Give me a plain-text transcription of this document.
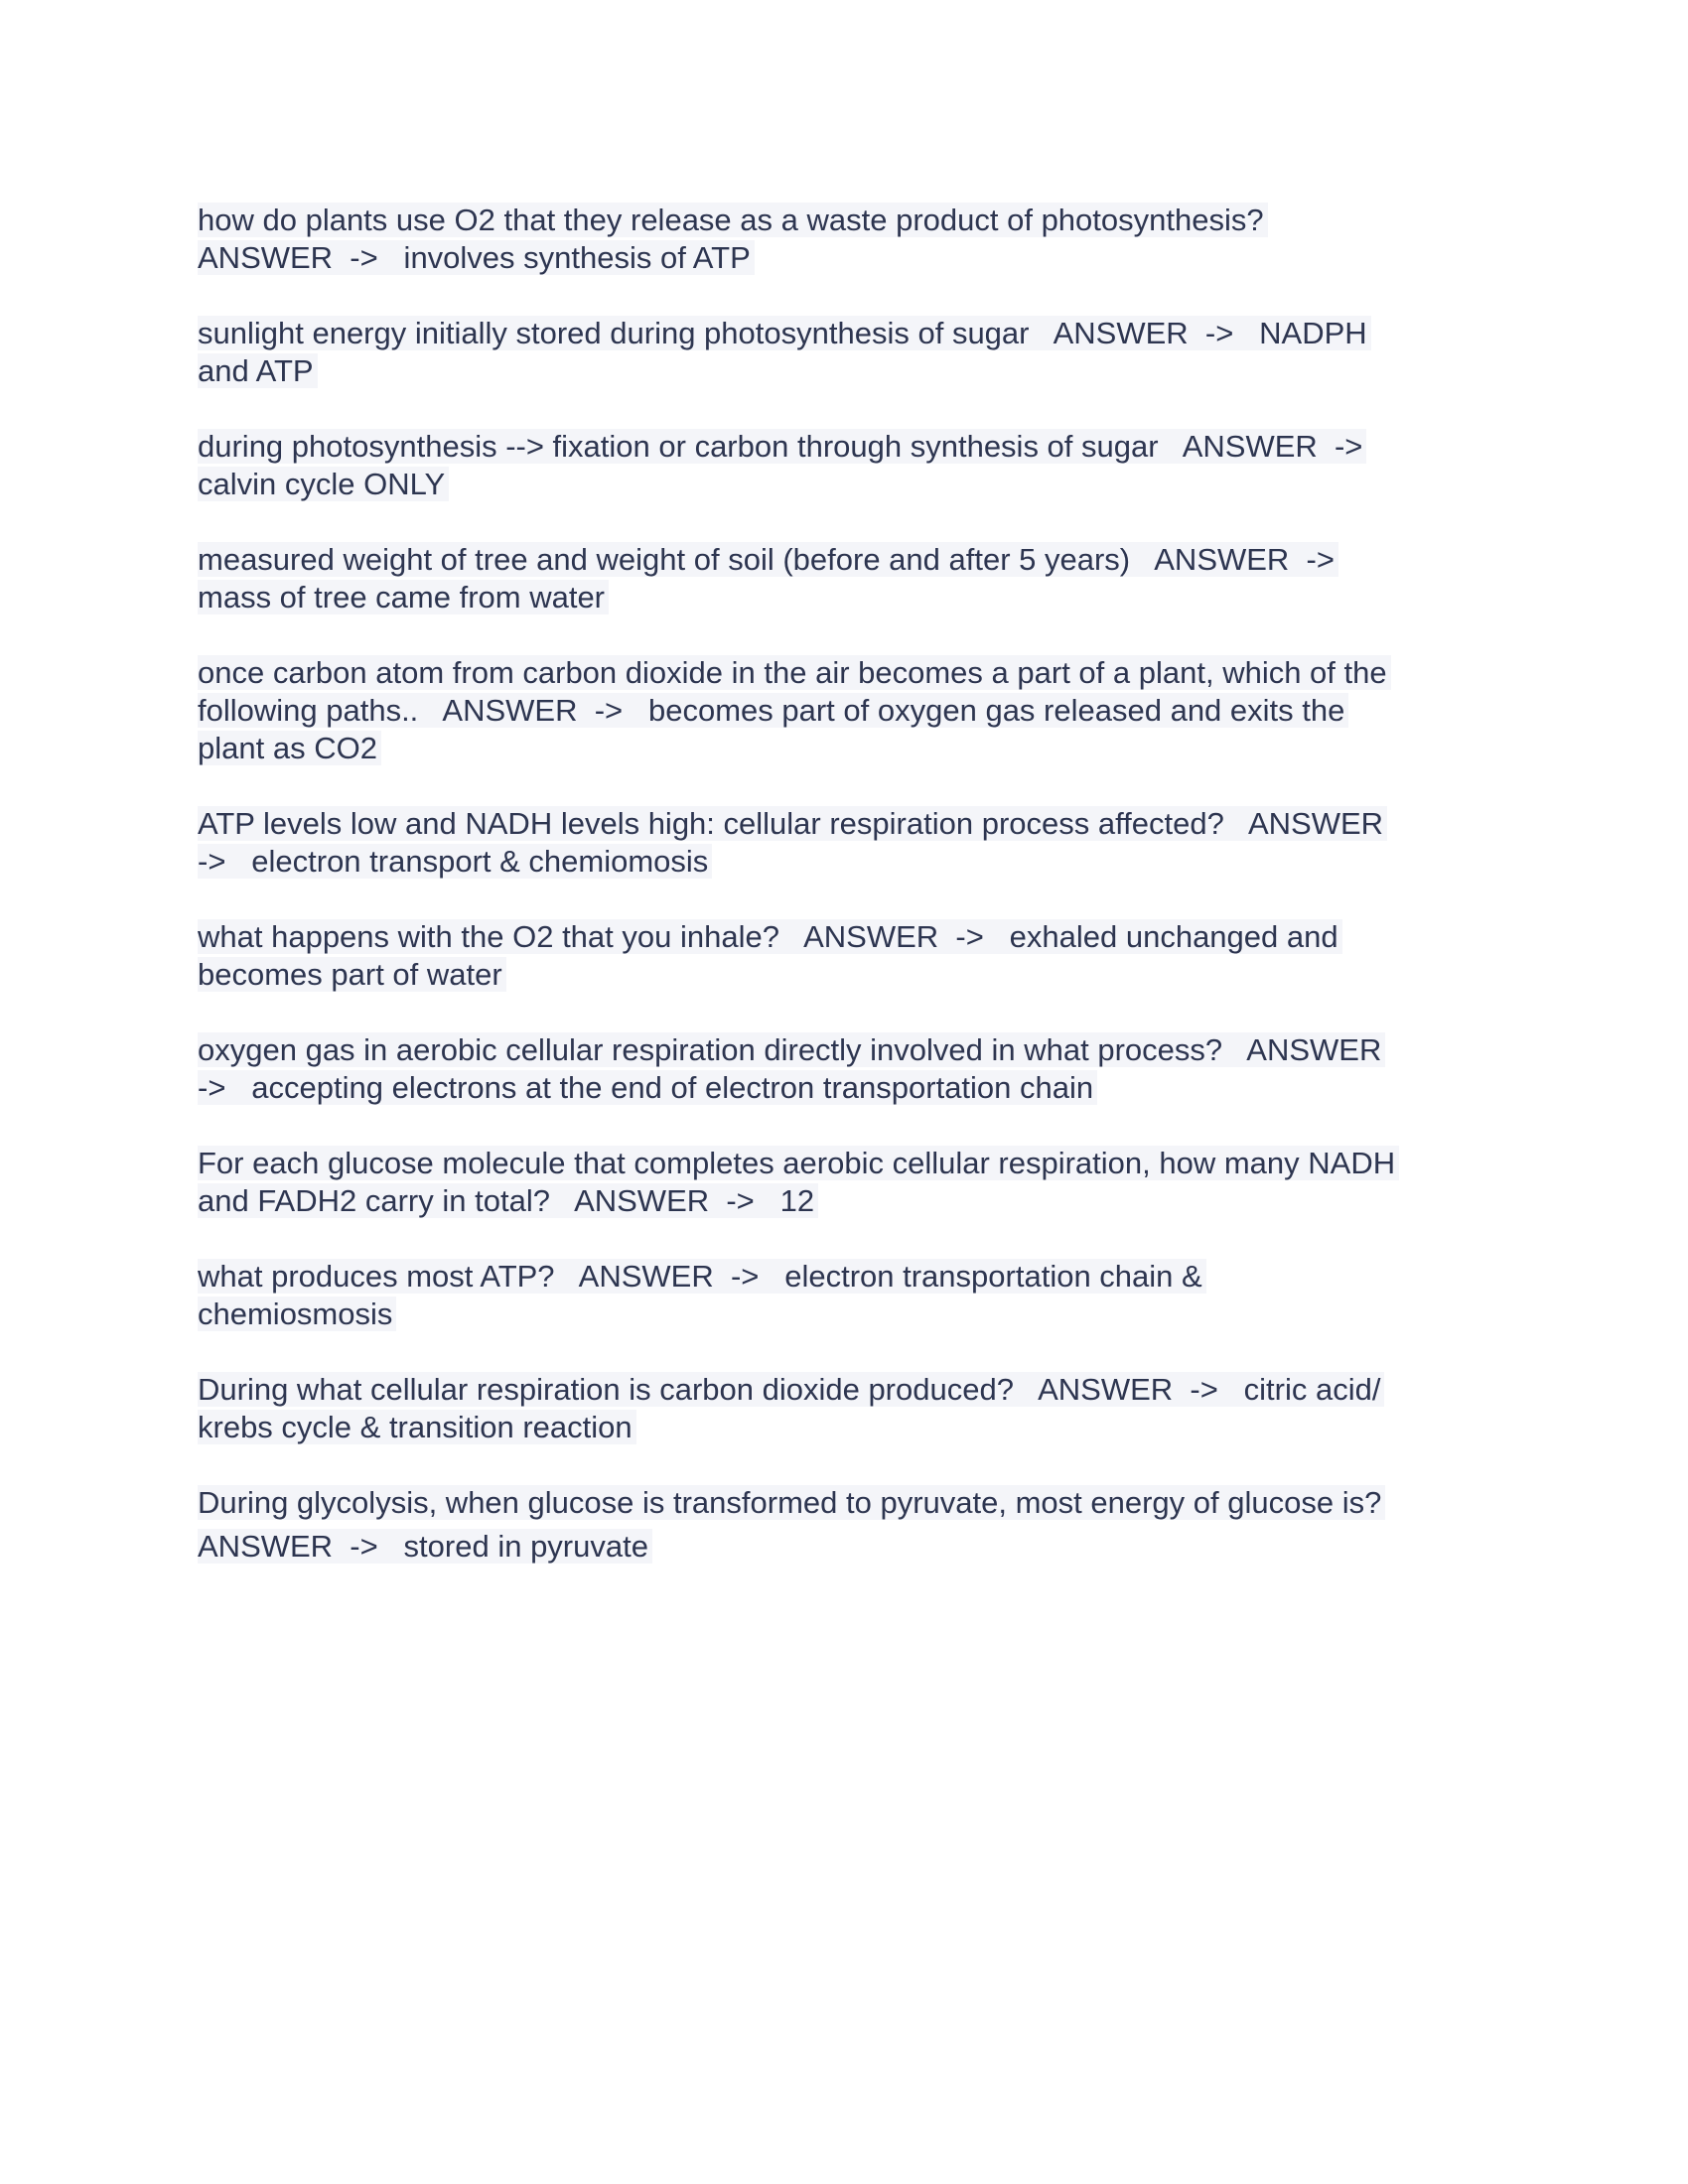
how do plants use O2 that they release as a waste product of photosynthesis?
ANSWER  ->   involves synthesis of ATP
sunlight energy initially stored during photosynthesis of sugar   ANSWER  ->   NADPH
and ATP
during photosynthesis --> fixation or carbon through synthesis of sugar   ANSWER  ->
calvin cycle ONLY
measured weight of tree and weight of soil (before and after 5 years)   ANSWER  ->
mass of tree came from water
once carbon atom from carbon dioxide in the air becomes a part of a plant, which of the
following paths..   ANSWER  ->   becomes part of oxygen gas released and exits the
plant as CO2
ATP levels low and NADH levels high: cellular respiration process affected?   ANSWER
->   electron transport & chemiomosis
what happens with the O2 that you inhale?   ANSWER  ->   exhaled unchanged and
becomes part of water
oxygen gas in aerobic cellular respiration directly involved in what process?   ANSWER
->   accepting electrons at the end of electron transportation chain
For each glucose molecule that completes aerobic cellular respiration, how many NADH
and FADH2 carry in total?   ANSWER  ->   12
what produces most ATP?   ANSWER  ->   electron transportation chain &
chemiosmosis
During what cellular respiration is carbon dioxide produced?   ANSWER  ->   citric acid/
krebs cycle & transition reaction
During glycolysis, when glucose is transformed to pyruvate, most energy of glucose is?
ANSWER  ->   stored in pyruvate
